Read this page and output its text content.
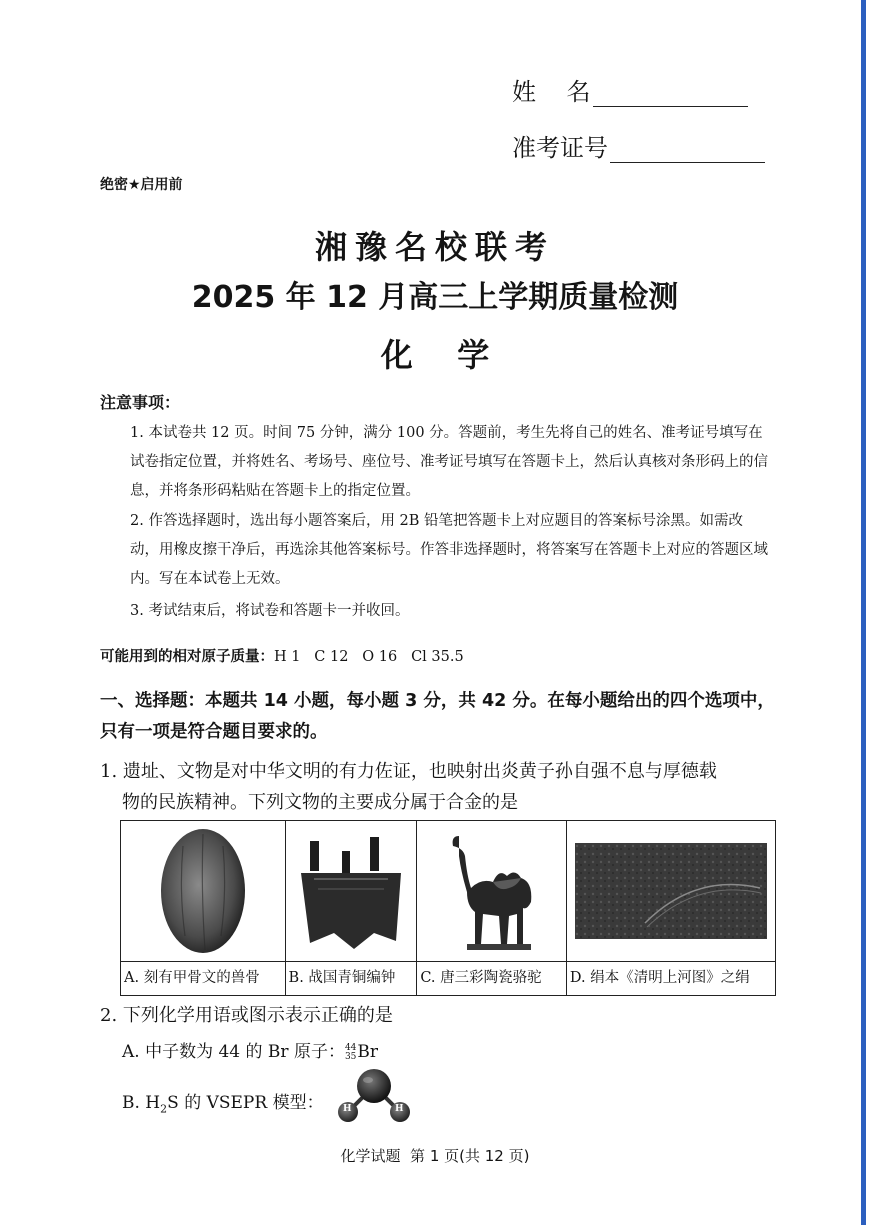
姓    名
准考证号
绝密★启用前
湘豫名校联考
2025 年 12 月高三上学期质量检测
化    学
注意事项：
1. 本试卷共 12 页。时间 75 分钟，满分 100 分。答题前，考生先将自己的姓名、准考证号填写在试卷指定位置，并将姓名、考场号、座位号、准考证号填写在答题卡上，然后认真核对条形码上的信息，并将条形码粘贴在答题卡上的指定位置。
2. 作答选择题时，选出每小题答案后，用 2B 铅笔把答题卡上对应题目的答案标号涂黑。如需改动，用橡皮擦干净后，再选涂其他答案标号。作答非选择题时，将答案写在答题卡上对应的答题区域内。写在本试卷上无效。
3. 考试结束后，将试卷和答题卡一并收回。
可能用到的相对原子质量：H 1   C 12   O 16   Cl 35.5
一、选择题：本题共 14 小题，每小题 3 分，共 42 分。在每小题给出的四个选项中，只有一项是符合题目要求的。
1. 遗址、文物是对中华文明的有力佐证，也映射出炎黄子孙自强不息与厚德载
物的民族精神。下列文物的主要成分属于合金的是
A. 刻有甲骨文的兽骨	B. 战国青铜编钟	C. 唐三彩陶瓷骆驼	D. 绢本《清明上河图》之绢
2. 下列化学用语或图示表示正确的是
A. 中子数为 44 的 Br 原子： 44
35 Br
B. $H_2S$ 的 VSEPR 模型： H	H
化学试题  第 1 页(共 12 页)
